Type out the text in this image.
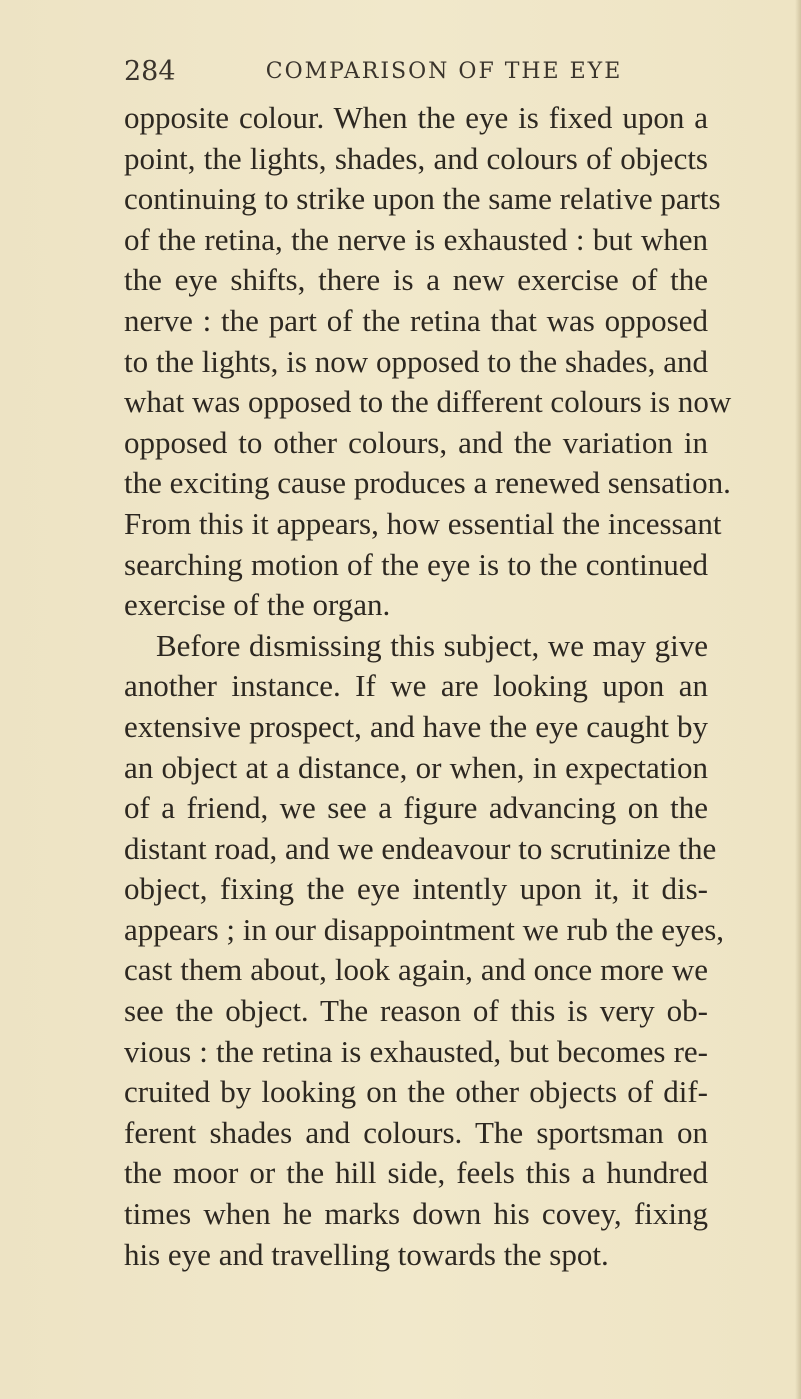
284	COMPARISON OF THE EYE
opposite colour. When the eye is fixed upon a
point, the lights, shades, and colours of objects
continuing to strike upon the same relative parts
of the retina, the nerve is exhausted : but when
the eye shifts, there is a new exercise of the
nerve : the part of the retina that was opposed
to the lights, is now opposed to the shades, and
what was opposed to the different colours is now
opposed to other colours, and the variation in
the exciting cause produces a renewed sensation.
From this it appears, how essential the incessant
searching motion of the eye is to the continued
exercise of the organ.
Before dismissing this subject, we may give
another instance. If we are looking upon an
extensive prospect, and have the eye caught by
an object at a distance, or when, in expectation
of a friend, we see a figure advancing on the
distant road, and we endeavour to scrutinize the
object, fixing the eye intently upon it, it dis-
appears ; in our disappointment we rub the eyes,
cast them about, look again, and once more we
see the object. The reason of this is very ob-
vious : the retina is exhausted, but becomes re-
cruited by looking on the other objects of dif-
ferent shades and colours. The sportsman on
the moor or the hill side, feels this a hundred
times when he marks down his covey, fixing
his eye and travelling towards the spot.
